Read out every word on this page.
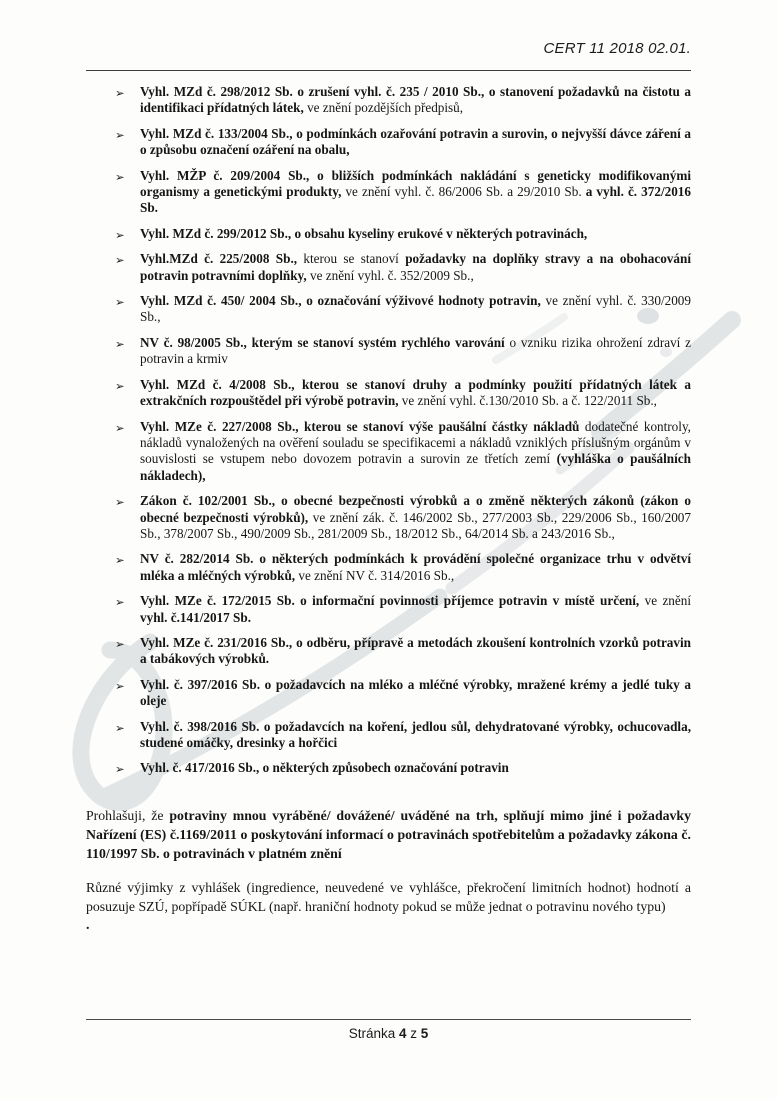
CERT 11 2018 02.01.
➢ Vyhl. MZd č. 298/2012 Sb. o zrušení vyhl. č. 235 / 2010 Sb., o stanovení požadavků na čistotu a identifikaci přídatných látek, ve znění pozdějších předpisů,
➢ Vyhl. MZd č. 133/2004 Sb., o podmínkách ozařování potravin a surovin, o nejvyšší dávce záření a o způsobu označení ozáření na obalu,
➢ Vyhl. MŽP č. 209/2004 Sb., o bližších podmínkách nakládání s geneticky modifikovanými organismy a genetickými produkty, ve znění vyhl. č. 86/2006 Sb. a 29/2010 Sb. a vyhl. č. 372/2016 Sb.
➢ Vyhl. MZd č. 299/2012 Sb., o obsahu kyseliny erukové v některých potravinách,
➢ Vyhl.MZd č. 225/2008 Sb., kterou se stanoví požadavky na doplňky stravy a na obohacování potravin potravními doplňky, ve znění vyhl. č. 352/2009 Sb.,
➢ Vyhl. MZd č. 450/ 2004 Sb., o označování výživové hodnoty potravin, ve znění vyhl. č. 330/2009 Sb.,
➢ NV č. 98/2005 Sb., kterým se stanoví systém rychlého varování o vzniku rizika ohrožení zdraví z potravin a krmiv
➢ Vyhl. MZd č. 4/2008 Sb., kterou se stanoví druhy a podmínky použití přídatných látek a extrakčních rozpouštědel při výrobě potravin, ve znění vyhl. č.130/2010 Sb. a č. 122/2011 Sb.,
➢ Vyhl. MZe č. 227/2008 Sb., kterou se stanoví výše paušální částky nákladů dodatečné kontroly, nákladů vynaložených na ověření souladu se specifikacemi a nákladů vzniklých příslušným orgánům v souvislosti se vstupem nebo dovozem potravin a surovin ze třetích zemí (vyhláška o paušálních nákladech),
➢ Zákon č. 102/2001 Sb., o obecné bezpečnosti výrobků a o změně některých zákonů (zákon o obecné bezpečnosti výrobků), ve znění zák. č. 146/2002 Sb., 277/2003 Sb., 229/2006 Sb., 160/2007 Sb., 378/2007 Sb., 490/2009 Sb., 281/2009 Sb., 18/2012 Sb., 64/2014 Sb. a 243/2016 Sb.,
➢ NV č. 282/2014 Sb. o některých podmínkách k provádění společné organizace trhu v odvětví mléka a mléčných výrobků, ve znění NV č. 314/2016 Sb.,
➢ Vyhl. MZe č. 172/2015 Sb. o informační povinnosti příjemce potravin v místě určení, ve znění vyhl. č.141/2017 Sb.
➢ Vyhl. MZe č. 231/2016 Sb., o odběru, přípravě a metodách zkoušení kontrolních vzorků potravin a tabákových výrobků.
➢ Vyhl. č. 397/2016 Sb. o požadavcích na mléko a mléčné výrobky, mražené krémy a jedlé tuky a oleje
➢ Vyhl. č. 398/2016 Sb. o požadavcích na koření, jedlou sůl, dehydratované výrobky, ochucovadla, studené omáčky, dresinky a hořčici
➢ Vyhl. č. 417/2016 Sb., o některých způsobech označování potravin
Prohlašuji, že potraviny mnou vyráběné/ dovážené/ uváděné na trh, splňují mimo jiné i požadavky Nařízení (ES) č.1169/2011 o poskytování informací o potravinách spotřebitelům a požadavky zákona č. 110/1997 Sb. o potravinách v platném znění
Různé výjimky z vyhlášek (ingredience, neuvedené ve vyhlášce, překročení limitních hodnot) hodnotí a posuzuje SZÚ, popřípadě SÚKL (např. hraniční hodnoty pokud se může jednat o potravinu nového typu)
.
Stránka 4 z 5
